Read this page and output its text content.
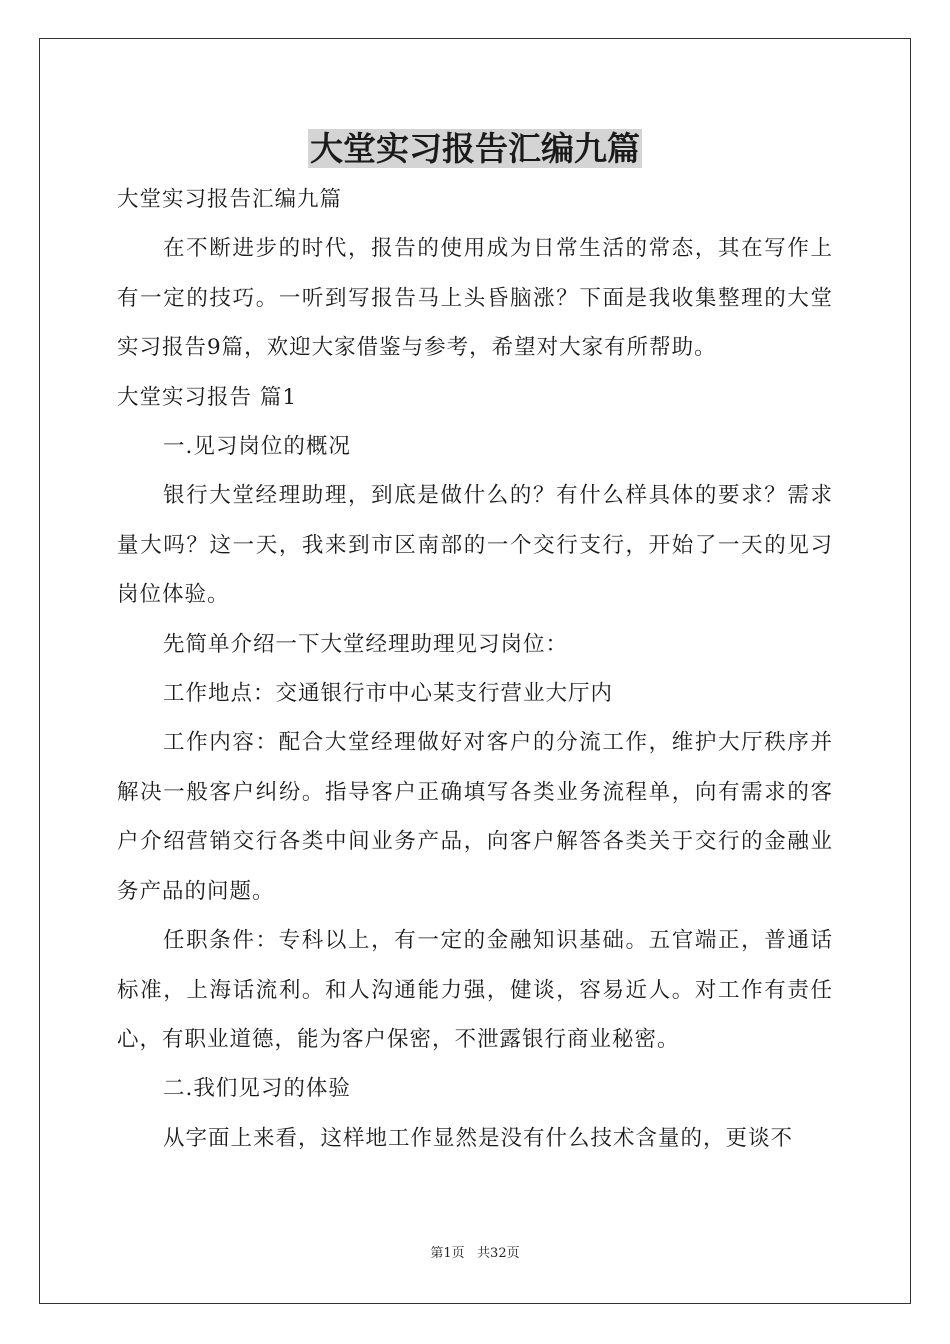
大堂实习报告汇编九篇

大堂实习报告汇编九篇

在不断进步的时代，报告的使用成为日常生活的常态，其在写作上有一定的技巧。一听到写报告马上头昏脑涨？下面是我收集整理的大堂实习报告9篇，欢迎大家借鉴与参考，希望对大家有所帮助。

大堂实习报告 篇1

一.见习岗位的概况

银行大堂经理助理，到底是做什么的？有什么样具体的要求？需求量大吗？这一天，我来到市区南部的一个交行支行，开始了一天的见习岗位体验。

先简单介绍一下大堂经理助理见习岗位：

工作地点：交通银行市中心某支行营业大厅内

工作内容：配合大堂经理做好对客户的分流工作，维护大厅秩序并解决一般客户纠纷。指导客户正确填写各类业务流程单，向有需求的客户介绍营销交行各类中间业务产品，向客户解答各类关于交行的金融业务产品的问题。

任职条件：专科以上，有一定的金融知识基础。五官端正，普通话标准，上海话流利。和人沟通能力强，健谈，容易近人。对工作有责任心，有职业道德，能为客户保密，不泄露银行商业秘密。

二.我们见习的体验

从字面上来看，这样地工作显然是没有什么技术含量的，更谈不

第1页   共32页
